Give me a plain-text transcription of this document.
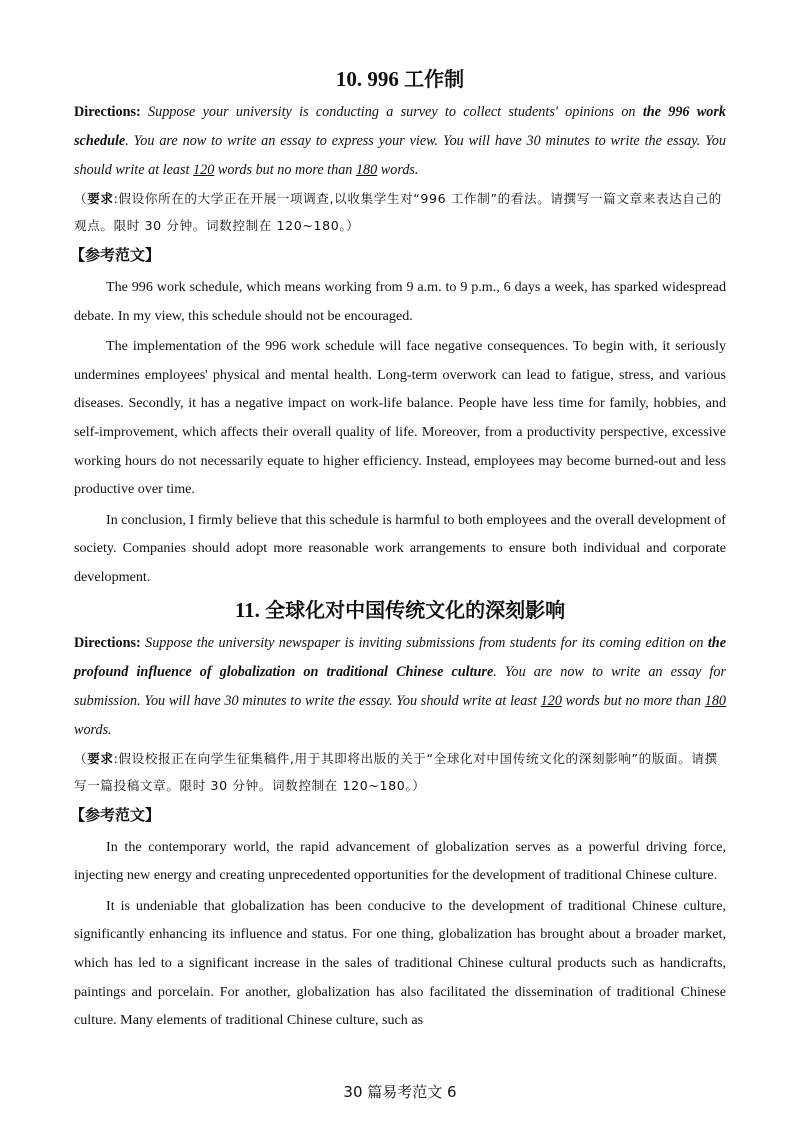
10. 996 工作制

Directions: Suppose your university is conducting a survey to collect students' opinions on the 996 work schedule. You are now to write an essay to express your view. You will have 30 minutes to write the essay. You should write at least 120 words but no more than 180 words.

（要求:假设你所在的大学正在开展一项调查,以收集学生对“996 工作制”的看法。请撰写一篇文章来表达自己的观点。限时 30 分钟。词数控制在 120~180。）

【参考范文】

The 996 work schedule, which means working from 9 a.m. to 9 p.m., 6 days a week, has sparked widespread debate. In my view, this schedule should not be encouraged.

The implementation of the 996 work schedule will face negative consequences. To begin with, it seriously undermines employees' physical and mental health. Long-term overwork can lead to fatigue, stress, and various diseases. Secondly, it has a negative impact on work-life balance. People have less time for family, hobbies, and self-improvement, which affects their overall quality of life. Moreover, from a productivity perspective, excessive working hours do not necessarily equate to higher efficiency. Instead, employees may become burned-out and less productive over time.

In conclusion, I firmly believe that this schedule is harmful to both employees and the overall development of society. Companies should adopt more reasonable work arrangements to ensure both individual and corporate development.

11. 全球化对中国传统文化的深刻影响

Directions: Suppose the university newspaper is inviting submissions from students for its coming edition on the profound influence of globalization on traditional Chinese culture. You are now to write an essay for submission. You will have 30 minutes to write the essay. You should write at least 120 words but no more than 180 words.

（要求:假设校报正在向学生征集稿件,用于其即将出版的关于“全球化对中国传统文化的深刻影响”的版面。请撰写一篇投稿文章。限时 30 分钟。词数控制在 120~180。）

【参考范文】

In the contemporary world, the rapid advancement of globalization serves as a powerful driving force, injecting new energy and creating unprecedented opportunities for the development of traditional Chinese culture.

It is undeniable that globalization has been conducive to the development of traditional Chinese culture, significantly enhancing its influence and status. For one thing, globalization has brought about a broader market, which has led to a significant increase in the sales of traditional Chinese cultural products such as handicrafts, paintings and porcelain. For another, globalization has also facilitated the dissemination of traditional Chinese culture. Many elements of traditional Chinese culture, such as

30 篇易考范文 6
